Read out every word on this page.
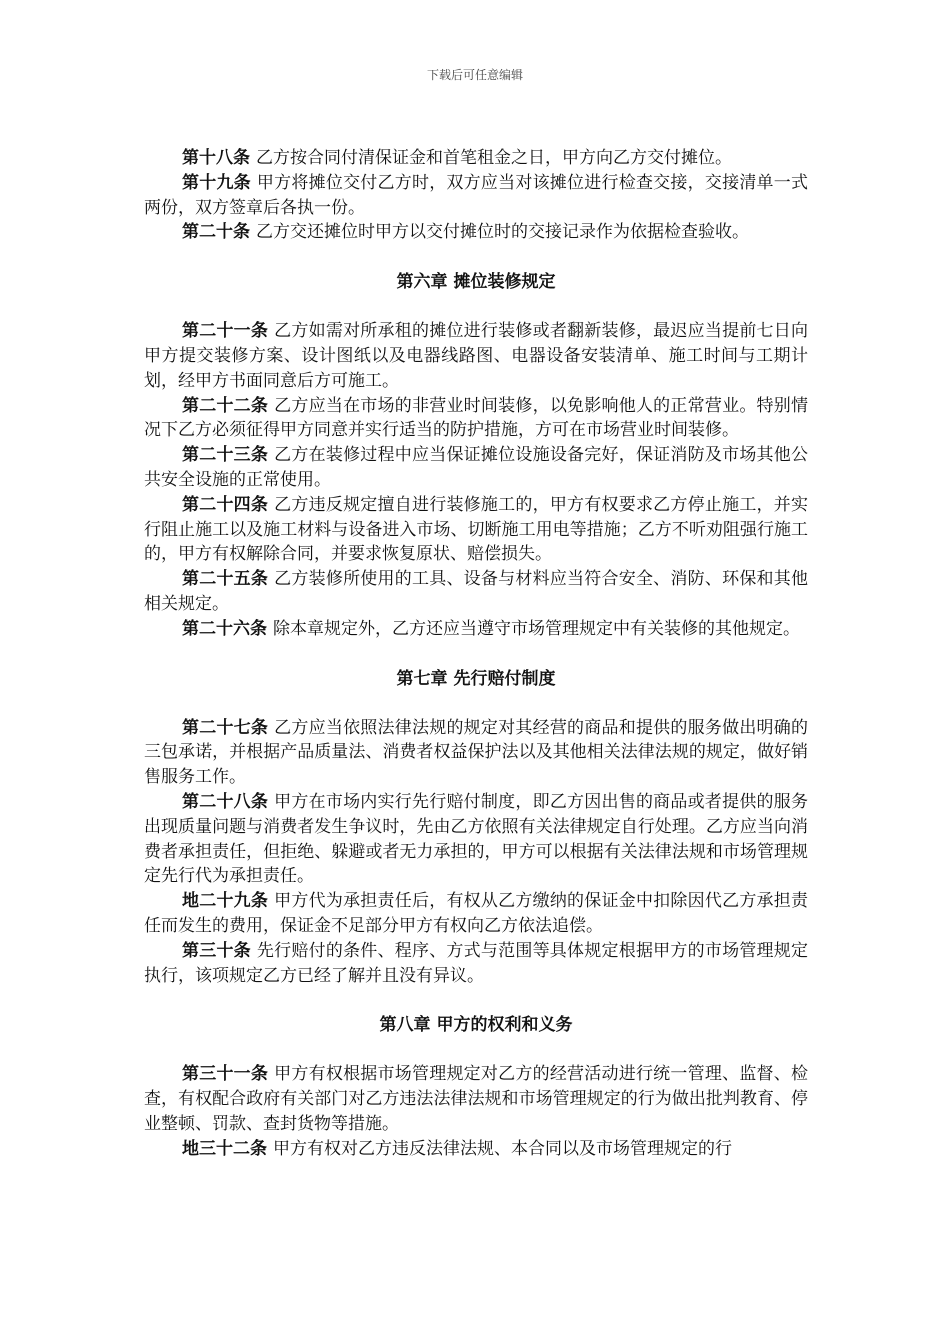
下载后可任意编辑

第十八条 乙方按合同付清保证金和首笔租金之日，甲方向乙方交付摊位。

第十九条 甲方将摊位交付乙方时，双方应当对该摊位进行检查交接，交接清单一式两份，双方签章后各执一份。

第二十条 乙方交还摊位时甲方以交付摊位时的交接记录作为依据检查验收。

第六章 摊位装修规定

第二十一条 乙方如需对所承租的摊位进行装修或者翻新装修，最迟应当提前七日向甲方提交装修方案、设计图纸以及电器线路图、电器设备安装清单、施工时间与工期计划，经甲方书面同意后方可施工。

第二十二条 乙方应当在市场的非营业时间装修，以免影响他人的正常营业。特别情况下乙方必须征得甲方同意并实行适当的防护措施，方可在市场营业时间装修。

第二十三条 乙方在装修过程中应当保证摊位设施设备完好，保证消防及市场其他公共安全设施的正常使用。

第二十四条 乙方违反规定擅自进行装修施工的，甲方有权要求乙方停止施工，并实行阻止施工以及施工材料与设备进入市场、切断施工用电等措施；乙方不听劝阻强行施工的，甲方有权解除合同，并要求恢复原状、赔偿损失。

第二十五条 乙方装修所使用的工具、设备与材料应当符合安全、消防、环保和其他相关规定。

第二十六条 除本章规定外，乙方还应当遵守市场管理规定中有关装修的其他规定。

第七章 先行赔付制度

第二十七条 乙方应当依照法律法规的规定对其经营的商品和提供的服务做出明确的三包承诺，并根据产品质量法、消费者权益保护法以及其他相关法律法规的规定，做好销售服务工作。

第二十八条 甲方在市场内实行先行赔付制度，即乙方因出售的商品或者提供的服务出现质量问题与消费者发生争议时，先由乙方依照有关法律规定自行处理。乙方应当向消费者承担责任，但拒绝、躲避或者无力承担的，甲方可以根据有关法律法规和市场管理规定先行代为承担责任。

地二十九条 甲方代为承担责任后，有权从乙方缴纳的保证金中扣除因代乙方承担责任而发生的费用，保证金不足部分甲方有权向乙方依法追偿。

第三十条 先行赔付的条件、程序、方式与范围等具体规定根据甲方的市场管理规定执行，该项规定乙方已经了解并且没有异议。

第八章 甲方的权利和义务

第三十一条 甲方有权根据市场管理规定对乙方的经营活动进行统一管理、监督、检查，有权配合政府有关部门对乙方违法法律法规和市场管理规定的行为做出批判教育、停业整顿、罚款、查封货物等措施。

地三十二条 甲方有权对乙方违反法律法规、本合同以及市场管理规定的行
